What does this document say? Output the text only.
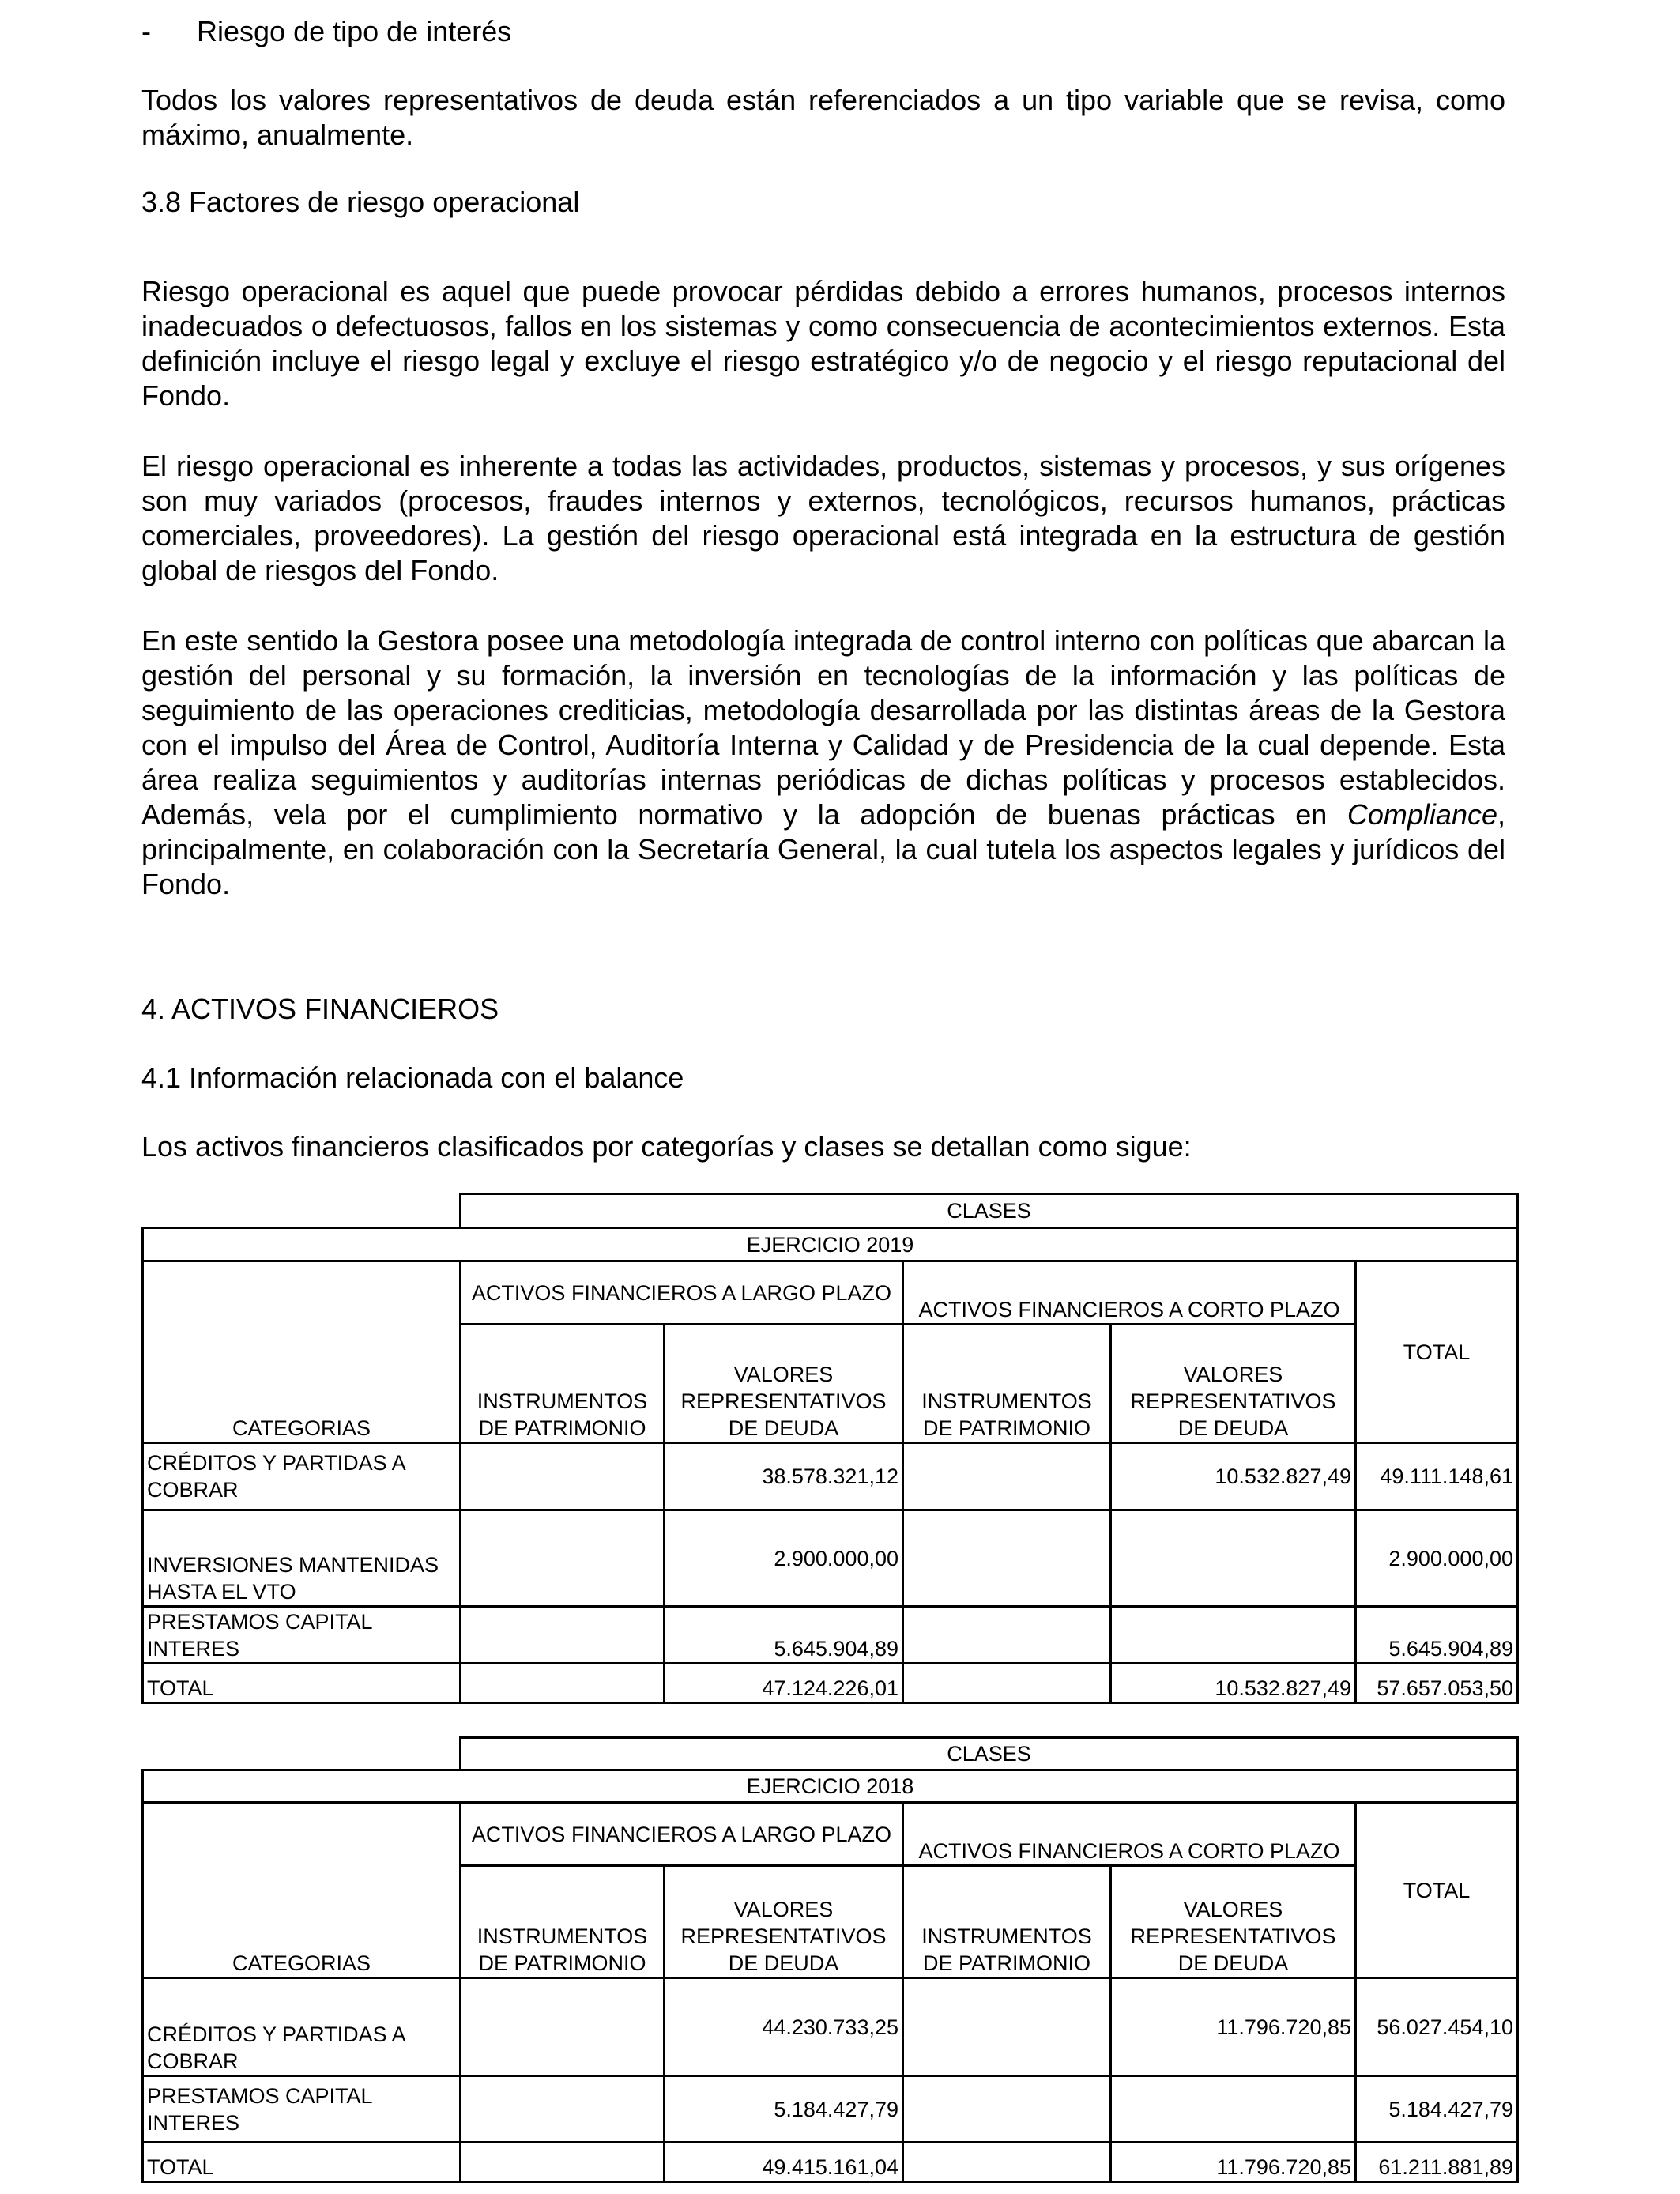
- Riesgo de tipo de interés

Todos los valores representativos de deuda están referenciados a un tipo variable que se revisa, como máximo, anualmente.

3.8 Factores de riesgo operacional

Riesgo operacional es aquel que puede provocar pérdidas debido a errores humanos, procesos internos inadecuados o defectuosos, fallos en los sistemas y como consecuencia de acontecimientos externos. Esta definición incluye el riesgo legal y excluye el riesgo estratégico y/o de negocio y el riesgo reputacional del Fondo.

El riesgo operacional es inherente a todas las actividades, productos, sistemas y procesos, y sus orígenes son muy variados (procesos, fraudes internos y externos, tecnológicos, recursos humanos, prácticas comerciales, proveedores). La gestión del riesgo operacional está integrada en la estructura de gestión global de riesgos del Fondo.

En este sentido la Gestora posee una metodología integrada de control interno con políticas que abarcan la gestión del personal y su formación, la inversión en tecnologías de la información y las políticas de seguimiento de las operaciones crediticias, metodología desarrollada por las distintas áreas de la Gestora con el impulso del Área de Control, Auditoría Interna y Calidad y de Presidencia de la cual depende. Esta área realiza seguimientos y auditorías internas periódicas de dichas políticas y procesos establecidos. Además, vela por el cumplimiento normativo y la adopción de buenas prácticas en Compliance, principalmente, en colaboración con la Secretaría General, la cual tutela los aspectos legales y jurídicos del Fondo.

4. ACTIVOS FINANCIEROS

4.1 Información relacionada con el balance

Los activos financieros clasificados por categorías y clases se detallan como sigue:

	CLASES				
EJERCICIO 2019					
CATEGORIAS	ACTIVOS FINANCIEROS A LARGO PLAZO		ACTIVOS FINANCIEROS A CORTO PLAZO		TOTAL
	INSTRUMENTOS DE PATRIMONIO	VALORES REPRESENTATIVOS DE DEUDA	INSTRUMENTOS DE PATRIMONIO	VALORES REPRESENTATIVOS DE DEUDA	
CRÉDITOS Y PARTIDAS A COBRAR		38.578.321,12		10.532.827,49	49.111.148,61
INVERSIONES MANTENIDAS HASTA EL VTO		2.900.000,00			2.900.000,00
PRESTAMOS CAPITAL INTERES		5.645.904,89			5.645.904,89
TOTAL		47.124.226,01		10.532.827,49	57.657.053,50
	CLASES				
EJERCICIO 2018					
CATEGORIAS	ACTIVOS FINANCIEROS A LARGO PLAZO		ACTIVOS FINANCIEROS A CORTO PLAZO		TOTAL
	INSTRUMENTOS DE PATRIMONIO	VALORES REPRESENTATIVOS DE DEUDA	INSTRUMENTOS DE PATRIMONIO	VALORES REPRESENTATIVOS DE DEUDA	
CRÉDITOS Y PARTIDAS A COBRAR		44.230.733,25		11.796.720,85	56.027.454,10
PRESTAMOS CAPITAL INTERES		5.184.427,79			5.184.427,79
TOTAL		49.415.161,04		11.796.720,85	61.211.881,89
